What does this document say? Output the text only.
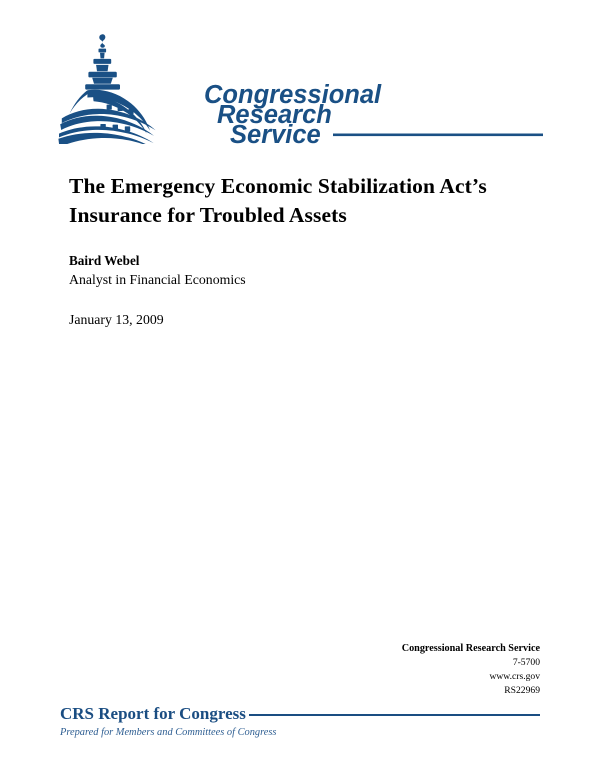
Congressional
Research
Service
The Emergency Economic Stabilization Act’s Insurance for Troubled Assets
Baird Webel
Analyst in Financial Economics
January 13, 2009
Congressional Research Service
7-5700
www.crs.gov
RS22969
CRS Report for Congress
Prepared for Members and Committees of Congress
